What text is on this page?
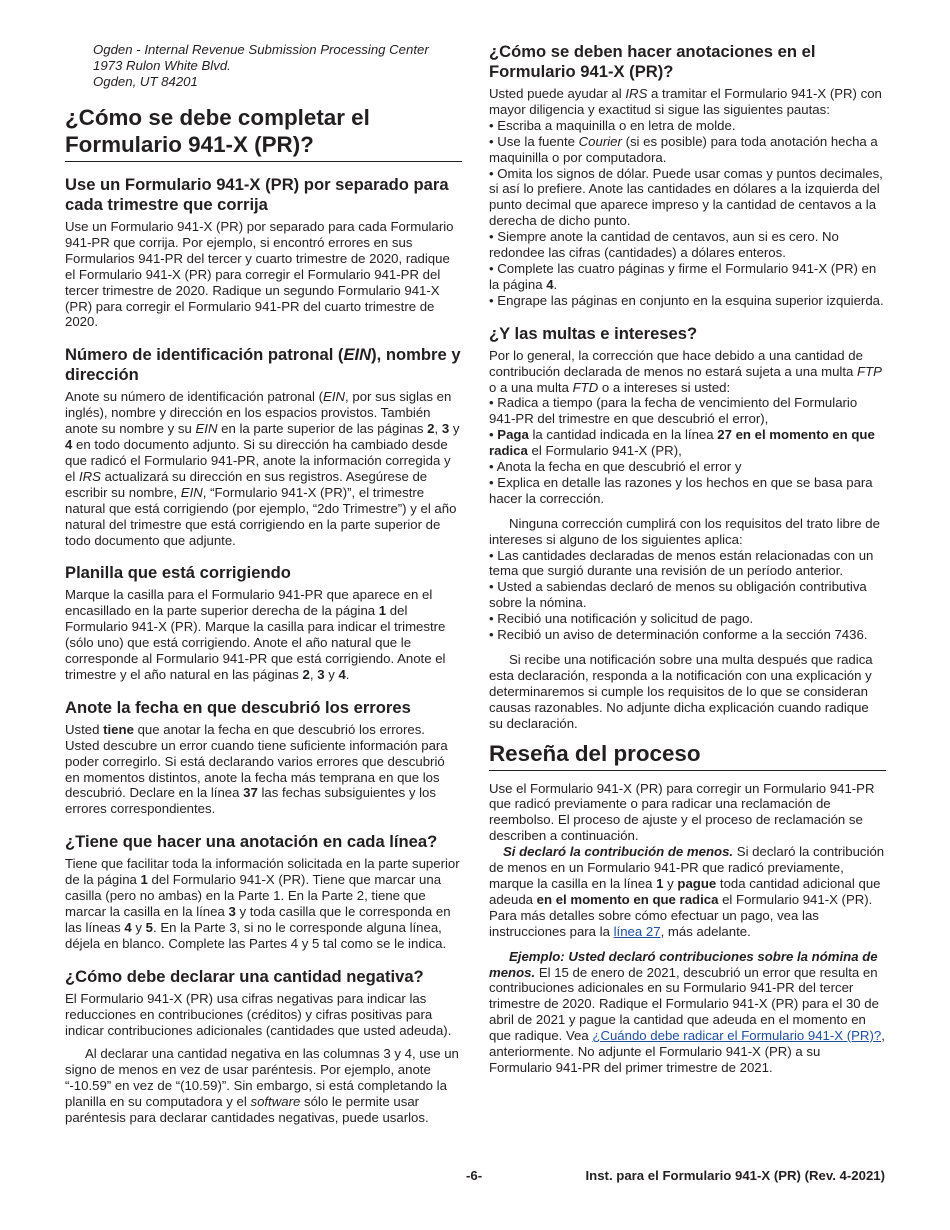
Ogden - Internal Revenue Submission Processing Center

1973 Rulon White Blvd.

Ogden, UT 84201

¿Cómo se debe completar el Formulario 941-X (PR)?
Use un Formulario 941-X (PR) por separado para cada trimestre que corrija

Use un Formulario 941-X (PR) por separado para cada Formulario 941-PR que corrija. Por ejemplo, si encontró errores en sus Formularios 941-PR del tercer y cuarto trimestre de 2020, radique el Formulario 941-X (PR) para corregir el Formulario 941-PR del tercer trimestre de 2020. Radique un segundo Formulario 941-X (PR) para corregir el Formulario 941-PR del cuarto trimestre de 2020.

Número de identificación patronal (EIN), nombre y dirección

Anote su número de identificación patronal (EIN, por sus siglas en inglés), nombre y dirección en los espacios provistos. También anote su nombre y su EIN en la parte superior de las páginas 2, 3 y 4 en todo documento adjunto. Si su dirección ha cambiado desde que radicó el Formulario 941-PR, anote la información corregida y el IRS actualizará su dirección en sus registros. Asegúrese de escribir su nombre, EIN, “Formulario 941-X (PR)”, el trimestre natural que está corrigiendo (por ejemplo, “2do Trimestre”) y el año natural del trimestre que está corrigiendo en la parte superior de todo documento que adjunte.

Planilla que está corrigiendo

Marque la casilla para el Formulario 941-PR que aparece en el encasillado en la parte superior derecha de la página 1 del Formulario 941-X (PR). Marque la casilla para indicar el trimestre (sólo uno) que está corrigiendo. Anote el año natural que le corresponde al Formulario 941-PR que está corrigiendo. Anote el trimestre y el año natural en las páginas 2, 3 y 4.

Anote la fecha en que descubrió los errores

Usted tiene que anotar la fecha en que descubrió los errores. Usted descubre un error cuando tiene suficiente información para poder corregirlo. Si está declarando varios errores que descubrió en momentos distintos, anote la fecha más temprana en que los descubrió. Declare en la línea 37 las fechas subsiguientes y los errores correspondientes.

¿Tiene que hacer una anotación en cada línea?

Tiene que facilitar toda la información solicitada en la parte superior de la página 1 del Formulario 941-X (PR). Tiene que marcar una casilla (pero no ambas) en la Parte 1. En la Parte 2, tiene que marcar la casilla en la línea 3 y toda casilla que le corresponda en las líneas 4 y 5. En la Parte 3, si no le corresponde alguna línea, déjela en blanco. Complete las Partes 4 y 5 tal como se le indica.

¿Cómo debe declarar una cantidad negativa?

El Formulario 941-X (PR) usa cifras negativas para indicar las reducciones en contribuciones (créditos) y cifras positivas para indicar contribuciones adicionales (cantidades que usted adeuda).

Al declarar una cantidad negativa en las columnas 3 y 4, use un signo de menos en vez de usar paréntesis. Por ejemplo, anote “-10.59” en vez de “(10.59)”. Sin embargo, si está completando la planilla en su computadora y el software sólo le permite usar paréntesis para declarar cantidades negativas, puede usarlos.

¿Cómo se deben hacer anotaciones en el Formulario 941-X (PR)?

Usted puede ayudar al IRS a tramitar el Formulario 941-X (PR) con mayor diligencia y exactitud si sigue las siguientes pautas:

• Escriba a maquinilla o en letra de molde.

• Use la fuente Courier (si es posible) para toda anotación hecha a maquinilla o por computadora.

• Omita los signos de dólar. Puede usar comas y puntos decimales, si así lo prefiere. Anote las cantidades en dólares a la izquierda del punto decimal que aparece impreso y la cantidad de centavos a la derecha de dicho punto.

• Siempre anote la cantidad de centavos, aun si es cero. No redondee las cifras (cantidades) a dólares enteros.

• Complete las cuatro páginas y firme el Formulario 941-X (PR) en la página 4.

• Engrape las páginas en conjunto en la esquina superior izquierda.

¿Y las multas e intereses?

Por lo general, la corrección que hace debido a una cantidad de contribución declarada de menos no estará sujeta a una multa FTP o a una multa FTD o a intereses si usted:

• Radica a tiempo (para la fecha de vencimiento del Formulario 941-PR del trimestre en que descubrió el error),

• Paga la cantidad indicada en la línea 27 en el momento en que radica el Formulario 941-X (PR),

• Anota la fecha en que descubrió el error y

• Explica en detalle las razones y los hechos en que se basa para hacer la corrección.

Ninguna corrección cumplirá con los requisitos del trato libre de intereses si alguno de los siguientes aplica:

• Las cantidades declaradas de menos están relacionadas con un tema que surgió durante una revisión de un período anterior.

• Usted a sabiendas declaró de menos su obligación contributiva sobre la nómina.

• Recibió una notificación y solicitud de pago.

• Recibió un aviso de determinación conforme a la sección 7436.

Si recibe una notificación sobre una multa después que radica esta declaración, responda a la notificación con una explicación y determinaremos si cumple los requisitos de lo que se consideran causas razonables. No adjunte dicha explicación cuando radique su declaración.

Reseña del proceso

Use el Formulario 941-X (PR) para corregir un Formulario 941-PR que radicó previamente o para radicar una reclamación de reembolso. El proceso de ajuste y el proceso de reclamación se describen a continuación.

Si declaró la contribución de menos. Si declaró la contribución de menos en un Formulario 941-PR que radicó previamente, marque la casilla en la línea 1 y pague toda cantidad adicional que adeuda en el momento en que radica el Formulario 941-X (PR). Para más detalles sobre cómo efectuar un pago, vea las instrucciones para la línea 27, más adelante.

Ejemplo: Usted declaró contribuciones sobre la nómina de menos. El 15 de enero de 2021, descubrió un error que resulta en contribuciones adicionales en su Formulario 941-PR del tercer trimestre de 2020. Radique el Formulario 941-X (PR) para el 30 de abril de 2021 y pague la cantidad que adeuda en el momento en que radique. Vea ¿Cuándo debe radicar el Formulario 941-X (PR)?, anteriormente. No adjunte el Formulario 941-X (PR) a su Formulario 941-PR del primer trimestre de 2021.

-6-	Inst. para el Formulario 941-X (PR) (Rev. 4-2021)
